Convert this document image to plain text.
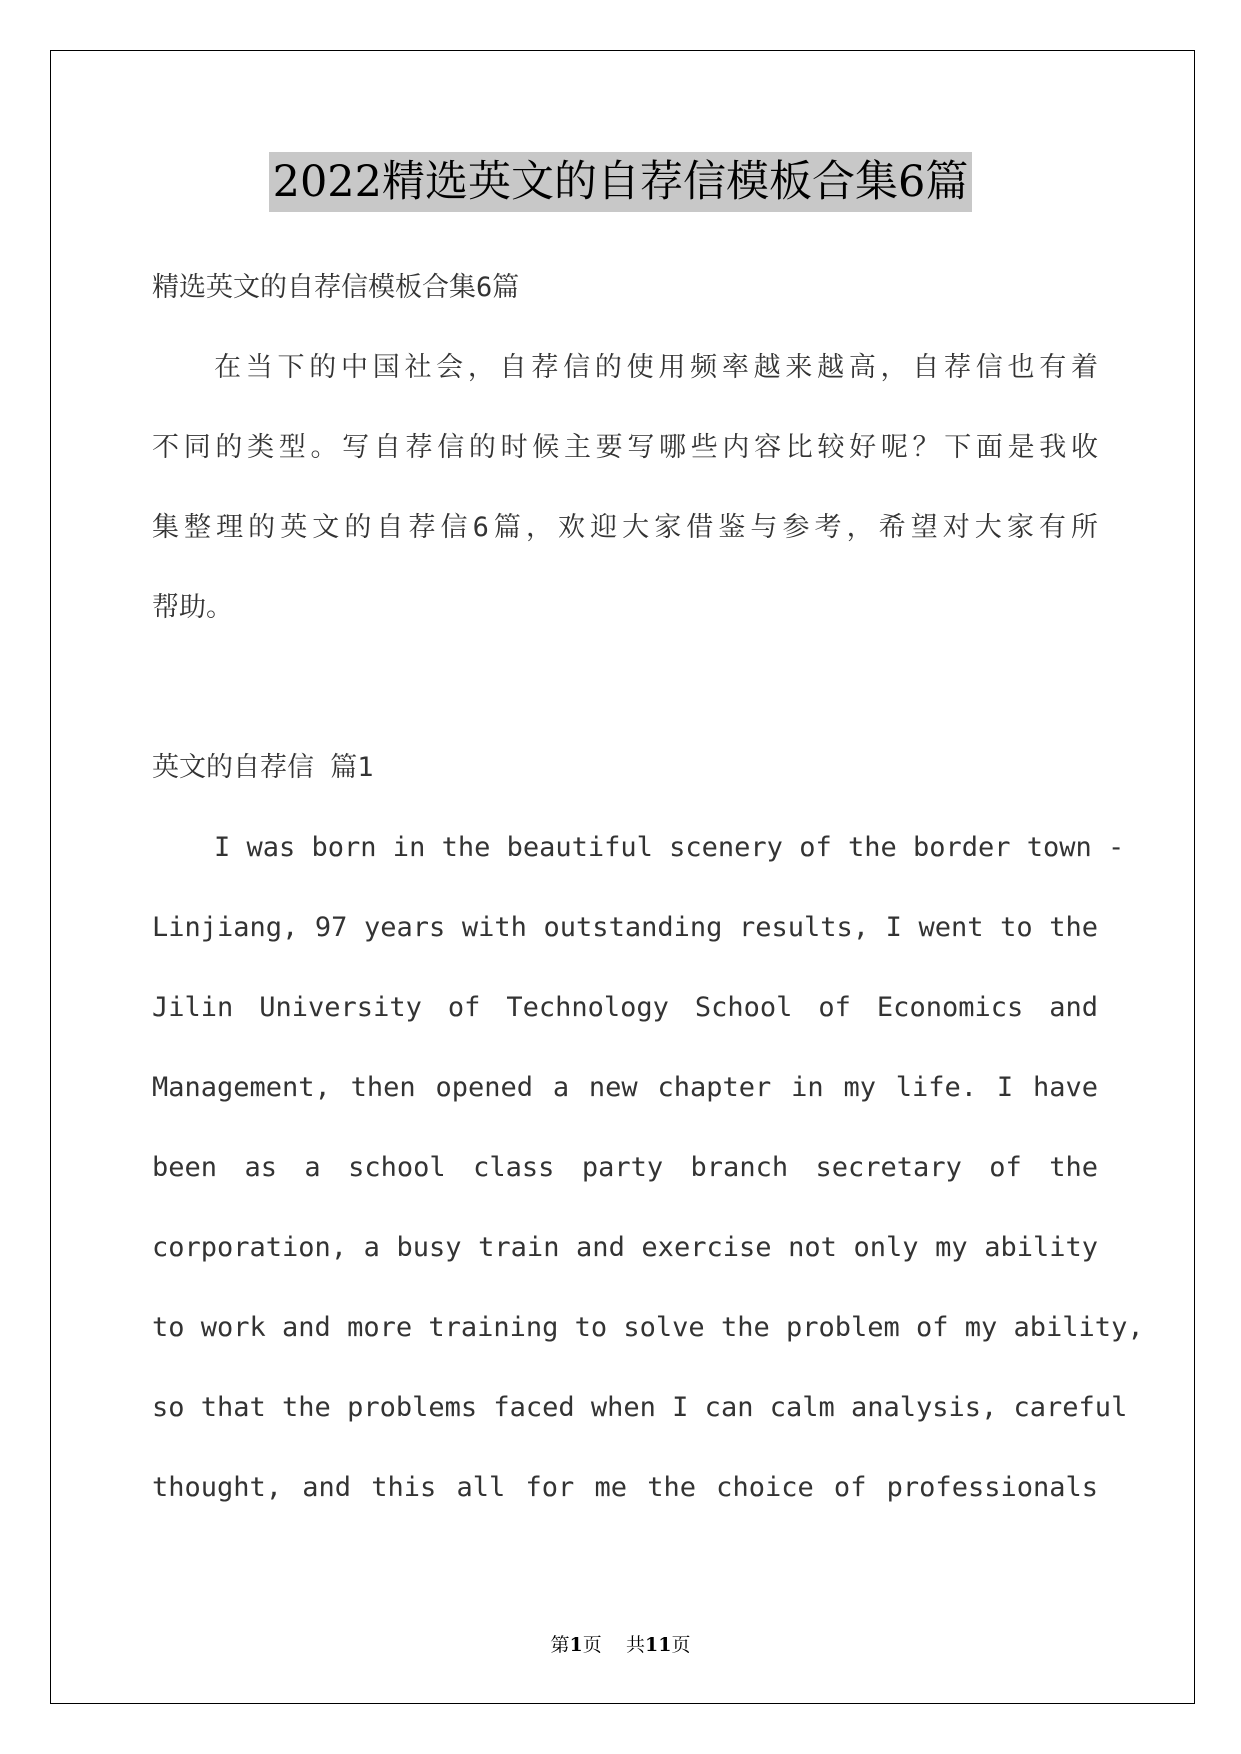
2022精选英文的自荐信模板合集6篇
精选英文的自荐信模板合集6篇
在当下的中国社会，自荐信的使用频率越来越高，自荐信也有着
不同的类型。写自荐信的时候主要写哪些内容比较好呢？下面是我收
集整理的英文的自荐信6篇，欢迎大家借鉴与参考，希望对大家有所
帮助。
英文的自荐信 篇1
I was born in the beautiful scenery of the border town -
Linjiang, 97 years with outstanding results, I went to the
Jilin University of Technology School of Economics and
Management, then opened a new chapter in my life. I have
been as a school class party branch secretary of the
corporation, a busy train and exercise not only my ability
to work and more training to solve the problem of my ability,
so that the problems faced when I can calm analysis, careful
thought, and this all for me the choice of professionals
第1页 共11页
